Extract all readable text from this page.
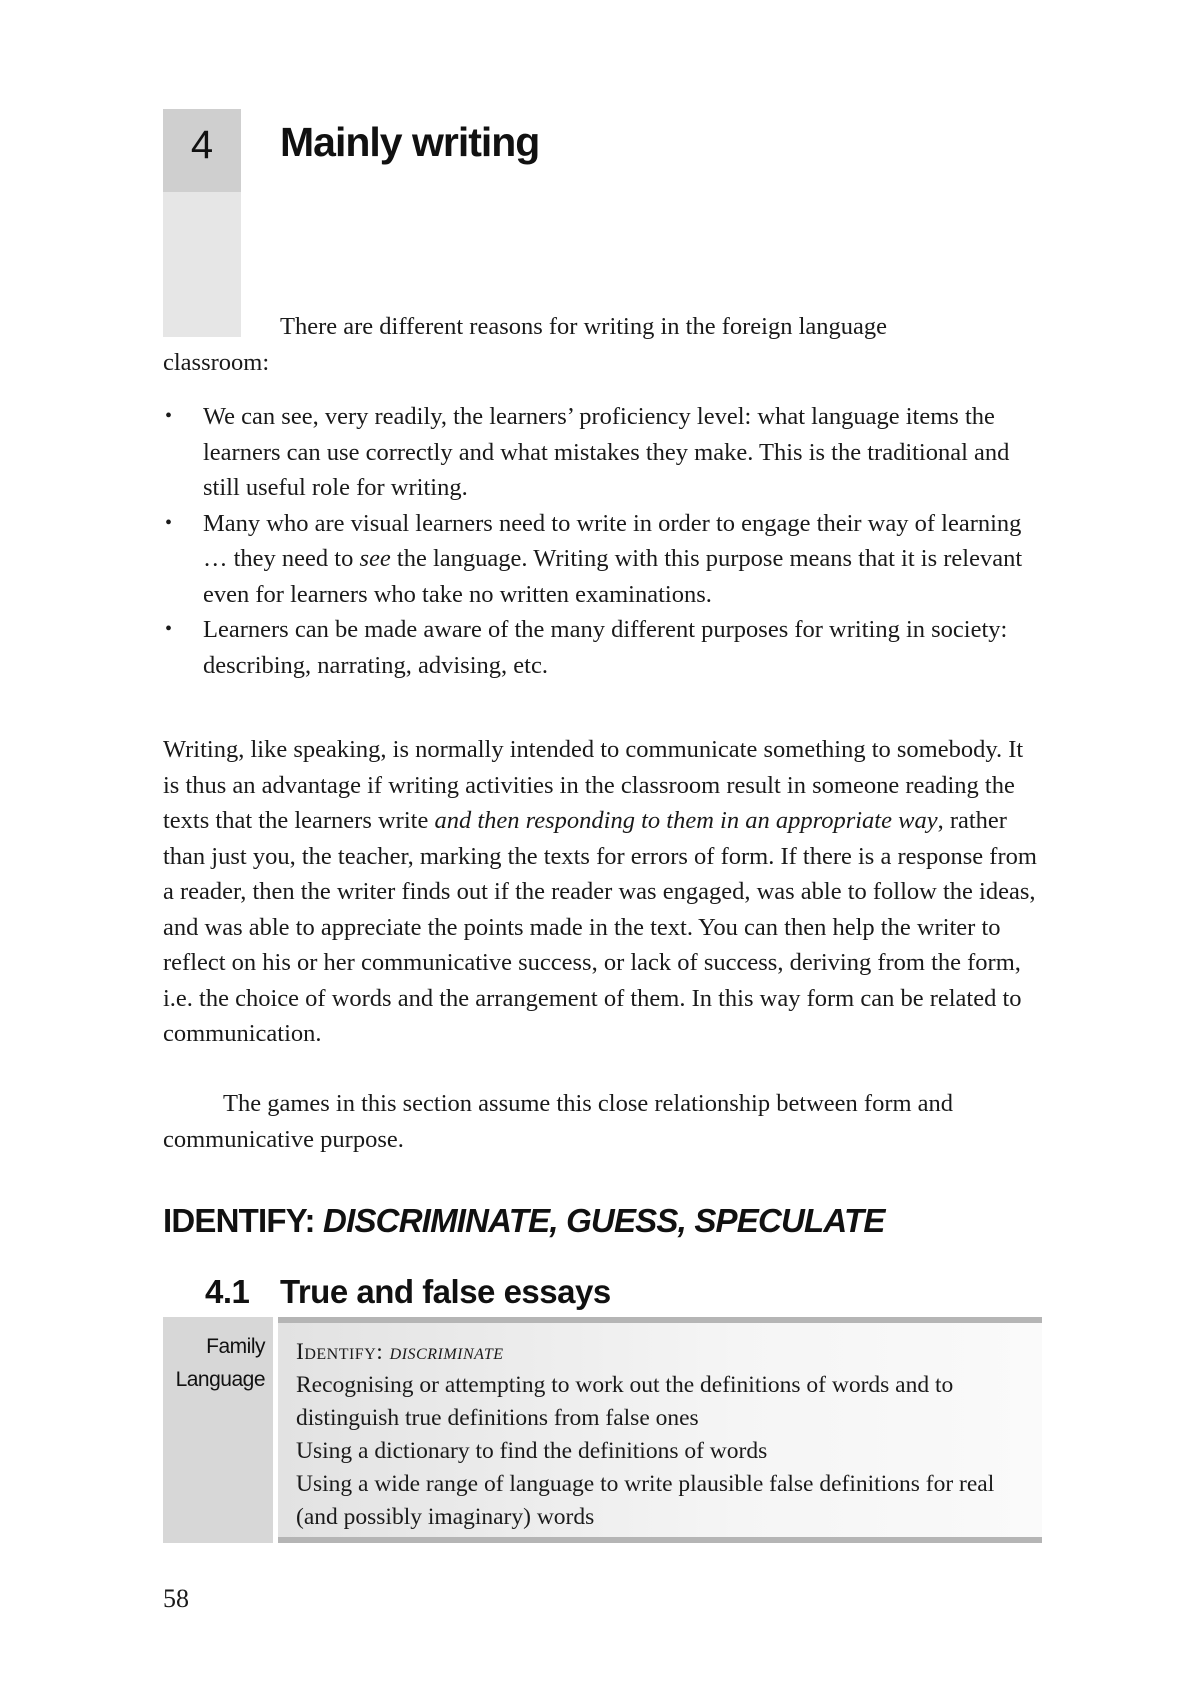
4	Mainly writing
There are different reasons for writing in the foreign language
classroom:
• We can see, very readily, the learners’ proficiency level: what language items the learners can use correctly and what mistakes they make. This is the traditional and still useful role for writing.
• Many who are visual learners need to write in order to engage their way of learning … they need to see the language. Writing with this purpose means that it is relevant even for learners who take no written examinations.
• Learners can be made aware of the many different purposes for writing in society: describing, narrating, advising, etc.

Writing, like speaking, is normally intended to communicate something to somebody. It is thus an advantage if writing activities in the classroom result in someone reading the texts that the learners write and then responding to them in an appropriate way, rather than just you, the teacher, marking the texts for errors of form. If there is a response from a reader, then the writer finds out if the reader was engaged, was able to follow the ideas, and was able to appreciate the points made in the text. You can then help the writer to reflect on his or her communicative success, or lack of success, deriving from the form, i.e. the choice of words and the arrangement of them. In this way form can be related to communication.

The games in this section assume this close relationship between form and communicative purpose.

IDENTIFY: DISCRIMINATE, GUESS, SPECULATE
4.1 True and false essays
Family
Language
Identify: discriminate
Recognising or attempting to work out the definitions of words and to distinguish true definitions from false ones
Using a dictionary to find the definitions of words
Using a wide range of language to write plausible false definitions for real (and possibly imaginary) words
58
